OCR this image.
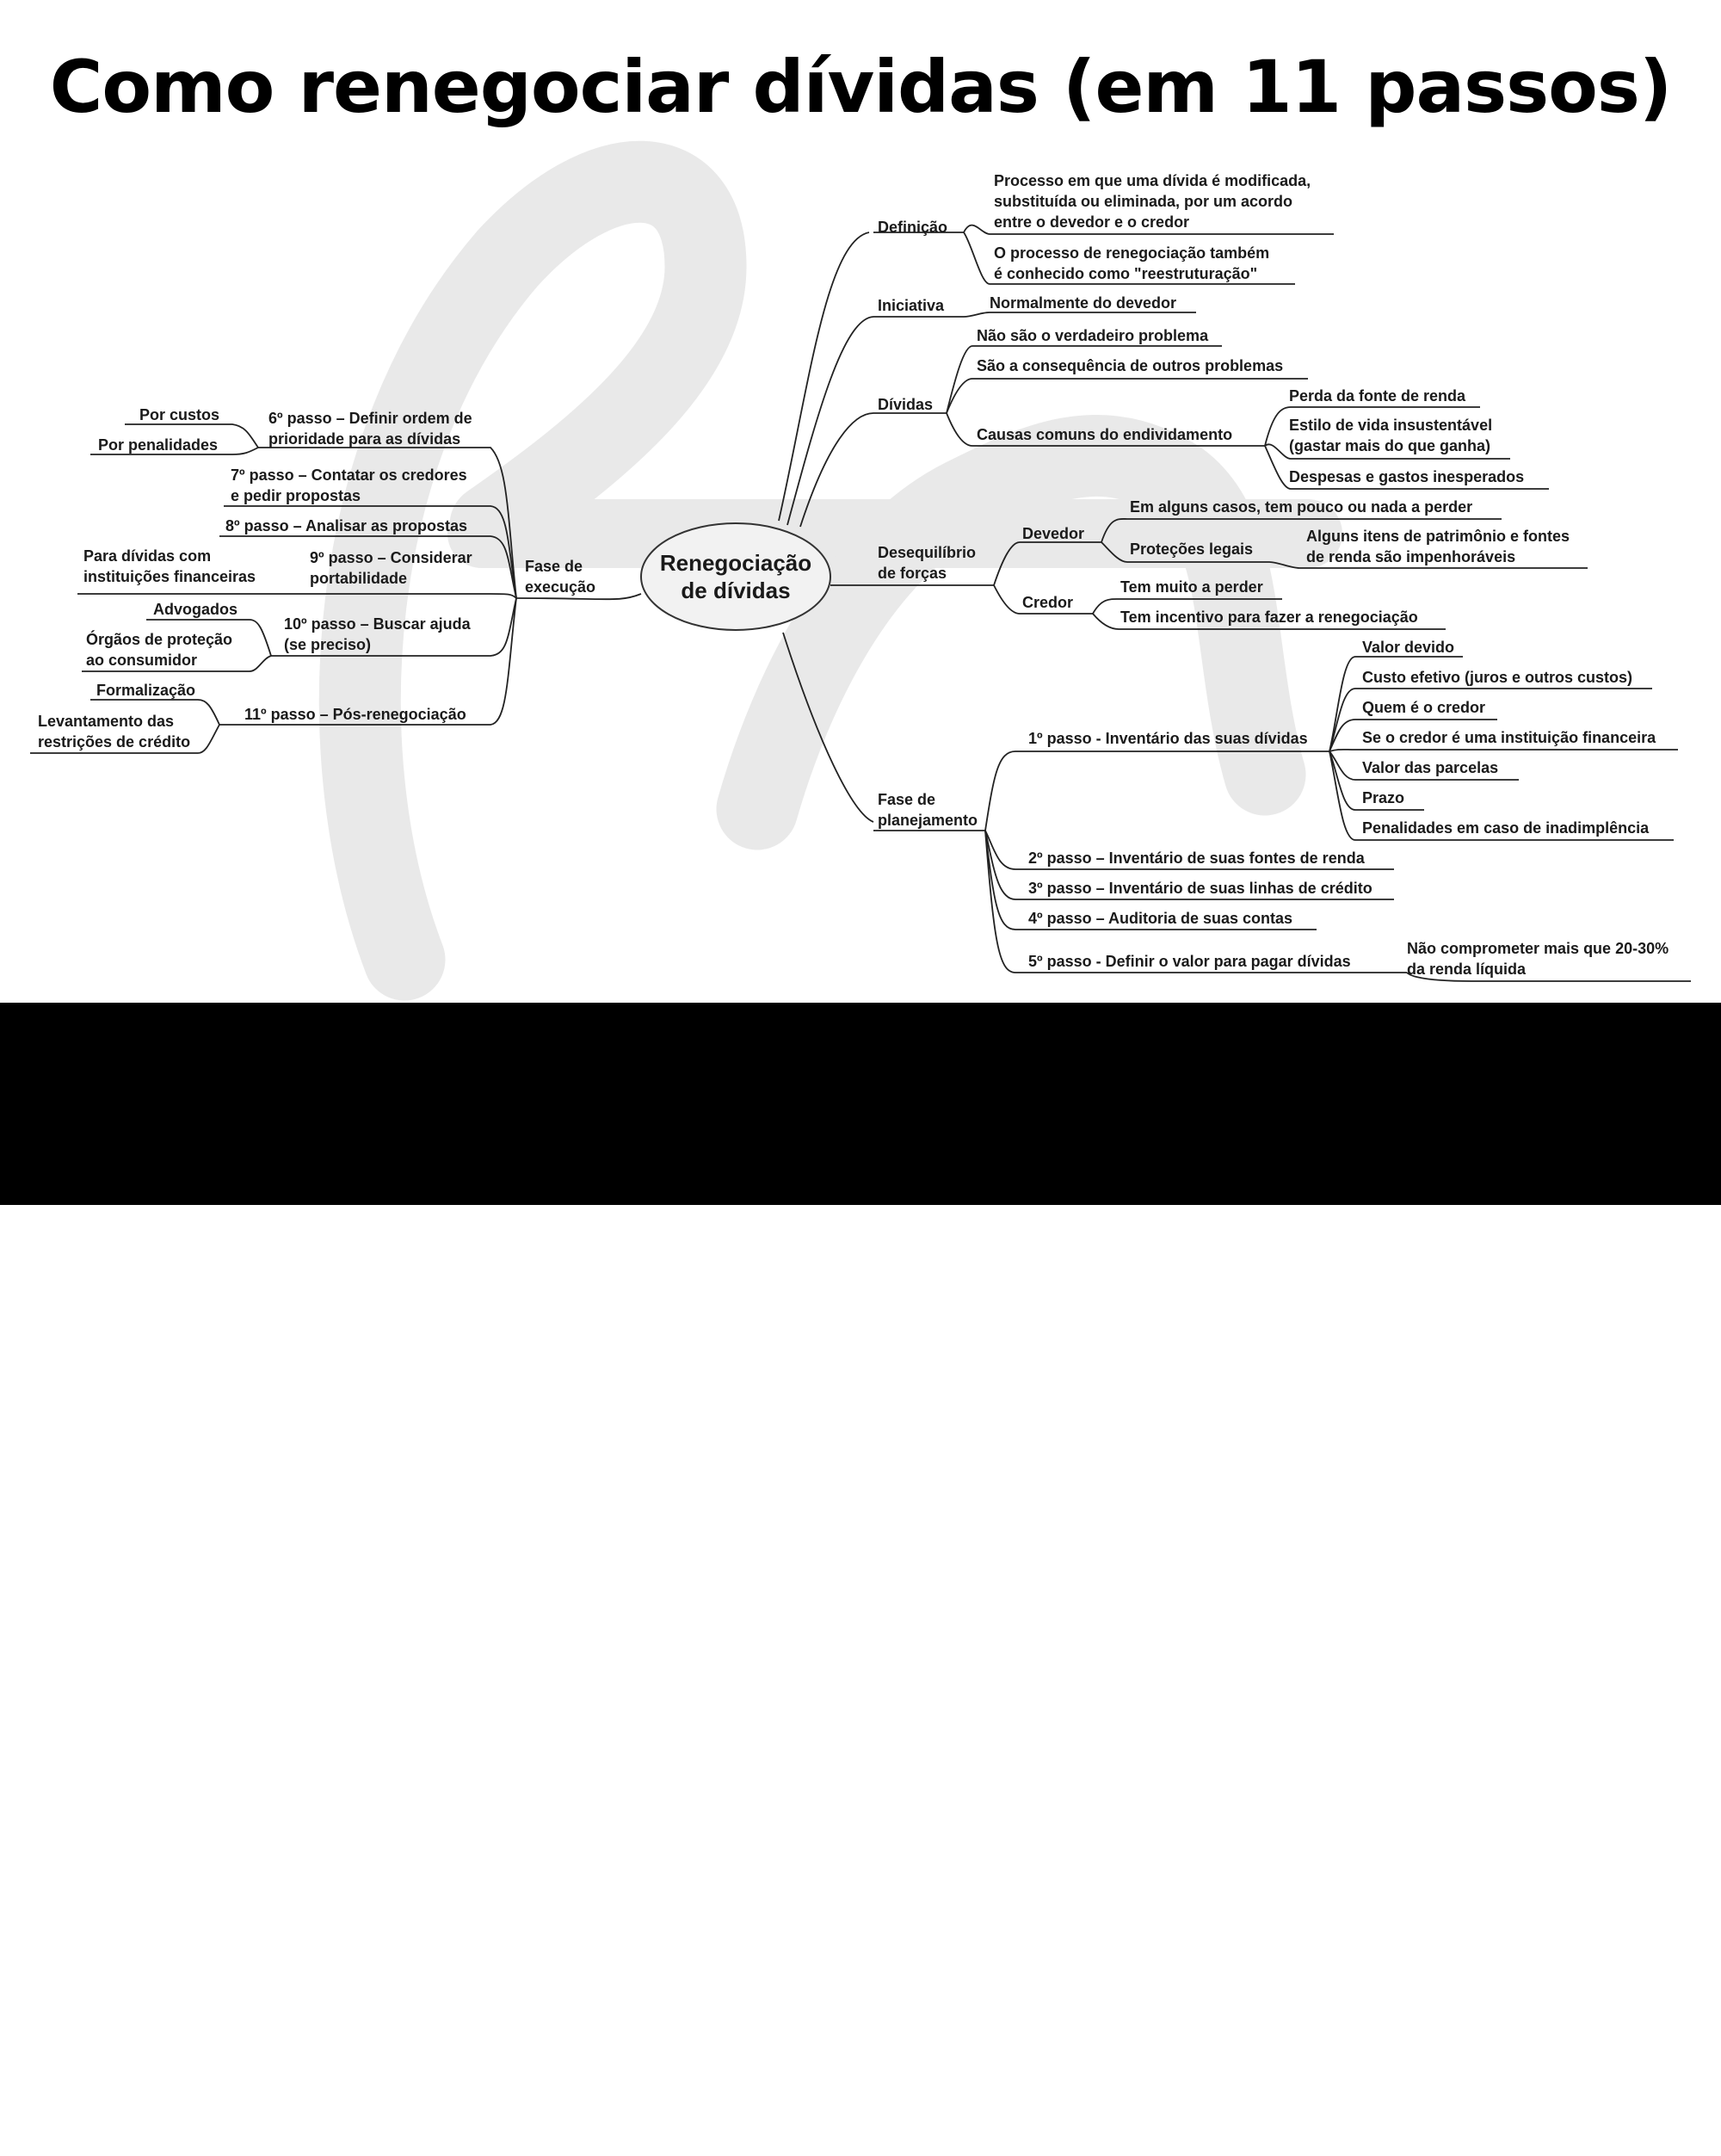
Como renegociar dívidas (em 11 passos)
Renegociação
de dívidas
Definição
Processo em que uma dívida é modificada,
substituída ou eliminada, por um acordo
entre o devedor e o credor
O processo de renegociação também
é conhecido como "reestruturação"
Iniciativa	Normalmente do devedor
Dívidas
Não são o verdadeiro problema
São a consequência de outros problemas
Causas comuns do endividamento
Perda da fonte de renda
Estilo de vida insustentável
(gastar mais do que ganha)
Despesas e gastos inesperados
Desequilíbrio
de forças
Devedor
Em alguns casos, tem pouco ou nada a perder
Proteções legais
Alguns itens de patrimônio e fontes
de renda são impenhoráveis
Credor
Tem muito a perder
Tem incentivo para fazer a renegociação
Fase de
planejamento
1º passo - Inventário das suas dívidas
Valor devido
Custo efetivo (juros e outros custos)
Quem é o credor
Se o credor é uma instituição financeira
Valor das parcelas
Prazo
Penalidades em caso de inadimplência
2º passo – Inventário de suas fontes de renda
3º passo – Inventário de suas linhas de crédito
4º passo – Auditoria de suas contas
5º passo - Definir o valor para pagar dívidas
Não comprometer mais que 20-30%
da renda líquida
Fase de
execução
6º passo – Definir ordem de
prioridade para as dívidas
Por custos
Por penalidades
7º passo – Contatar os credores
e pedir propostas
8º passo – Analisar as propostas
9º passo – Considerar
portabilidade
Para dívidas com
instituições financeiras
10º passo – Buscar ajuda
(se preciso)
Advogados
Órgãos de proteção
ao consumidor
11º passo – Pós-renegociação
Formalização
Levantamento das
restrições de crédito
André Massaro
www.andremassaro.com.br
